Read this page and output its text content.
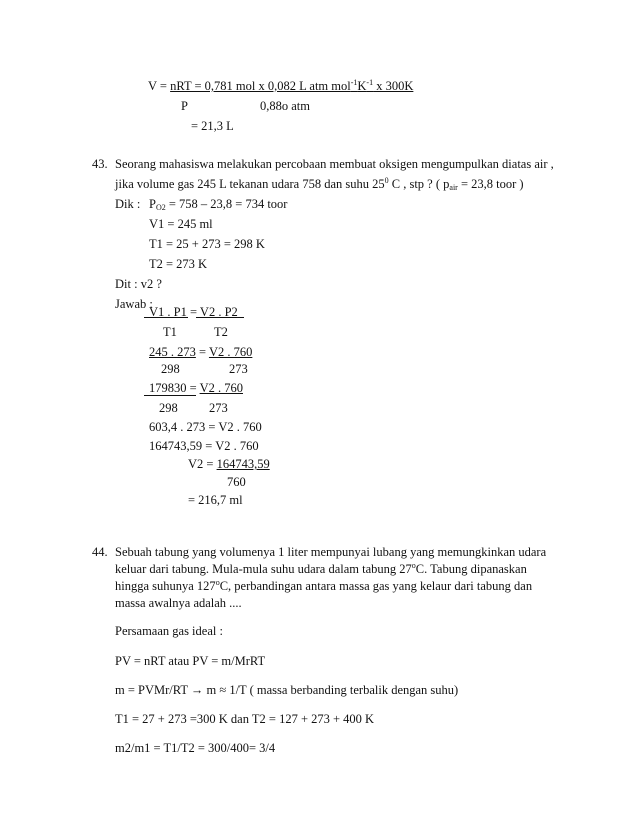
V = nRT = 0,781 mol x 0,082 L atm $mol^{-1}K^{-1}$ x 300K
P	0,88o atm
= 21,3 L
43. Seorang mahasiswa melakukan percobaan membuat oksigen mengumpulkan diatas air ,
jika volume gas 245 L tekanan udara 758 dan suhu $25^0$ C , stp ? ( $p_{air} = 23,8$ toor )
Dik : $P_{O2} = 758 - 23,8 = 734$ toor
V1 = 245 ml
T1 = 25 + 273 = 298 K
T2 = 273 K
Dit : v2 ?
Jawab :
V1 . P1 = V2 . P2
T1	T2
245 . 273 = V2 . 760
298	273
179830 = V2 . 760
298	273
603,4 . 273 = V2 . 760
164743,59 = V2 . 760
V2 = 164743,59
760
= 216,7 ml
44. Sebuah tabung yang volumenya 1 liter mempunyai lubang yang memungkinkan udara
keluar dari tabung. Mula-mula suhu udara dalam tabung 27$^o$C. Tabung dipanaskan
hingga suhunya 127$^o$C, perbandingan antara massa gas yang kelaur dari tabung dan
massa awalnya adalah ....
Persamaan gas ideal :
PV = nRT atau PV = m/MrRT
m = PVMr/RT → m ≈ 1/T ( massa berbanding terbalik dengan suhu)
T1 = 27 + 273 =300 K dan T2 = 127 + 273 + 400 K
m2/m1 = T1/T2 = 300/400= 3/4
